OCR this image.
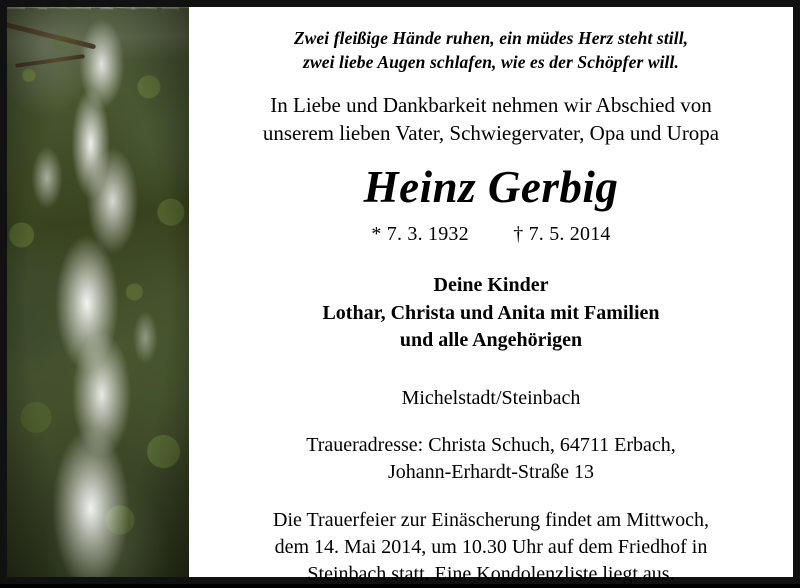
Zwei fleißige Hände ruhen, ein müdes Herz steht still,
zwei liebe Augen schlafen, wie es der Schöpfer will.
In Liebe und Dankbarkeit nehmen wir Abschied von
unserem lieben Vater, Schwiegervater, Opa und Uropa
Heinz Gerbig
* 7. 3. 1932 † 7. 5. 2014
Deine Kinder
Lothar, Christa und Anita mit Familien
und alle Angehörigen
Michelstadt/Steinbach
Traueradresse: Christa Schuch, 64711 Erbach,
Johann-Erhardt-Straße 13
Die Trauerfeier zur Einäscherung findet am Mittwoch,
dem 14. Mai 2014, um 10.30 Uhr auf dem Friedhof in
Steinbach statt. Eine Kondolenzliste liegt aus.
